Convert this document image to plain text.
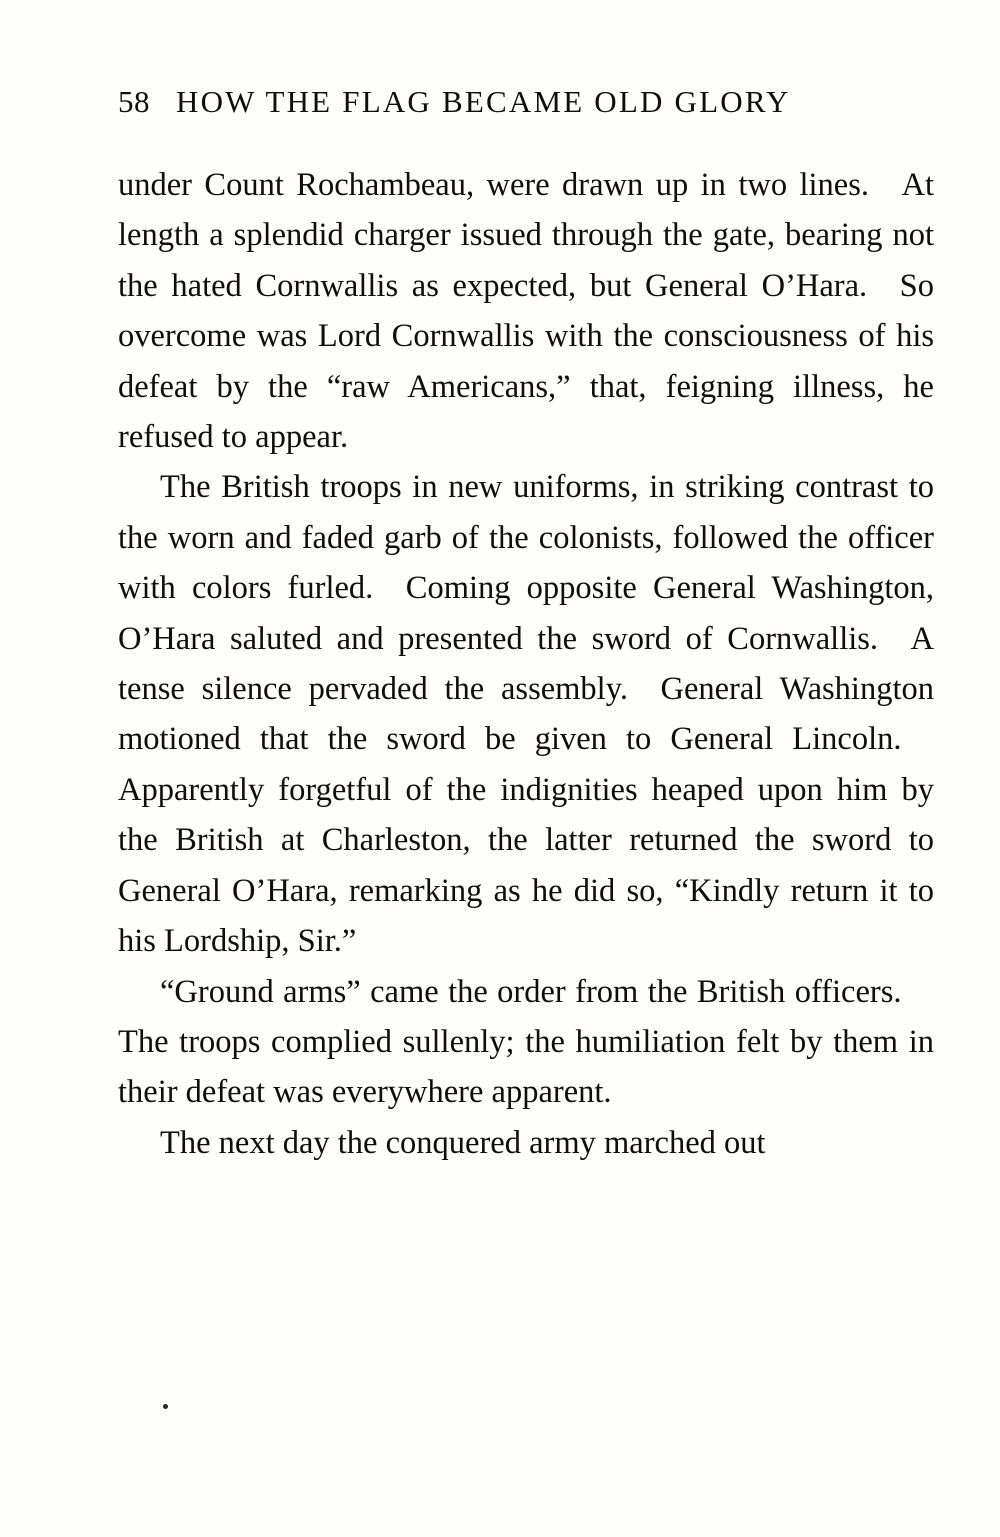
58 HOW THE FLAG BECAME OLD GLORY

under Count Rochambeau, were drawn up in two lines. At length a splendid charger issued through the gate, bearing not the hated Cornwallis as expected, but General O’Hara. So overcome was Lord Cornwallis with the consciousness of his defeat by the “raw Americans,” that, feigning illness, he refused to appear.

The British troops in new uniforms, in striking contrast to the worn and faded garb of the colonists, followed the officer with colors furled. Coming opposite General Washington, O’Hara saluted and presented the sword of Cornwallis. A tense silence pervaded the assembly. General Washington motioned that the sword be given to General Lincoln. Apparently forgetful of the indignities heaped upon him by the British at Charleston, the latter returned the sword to General O’Hara, remarking as he did so, “Kindly return it to his Lordship, Sir.”

“Ground arms” came the order from the British officers. The troops complied sullenly; the humiliation felt by them in their defeat was everywhere apparent.

The next day the conquered army marched out
